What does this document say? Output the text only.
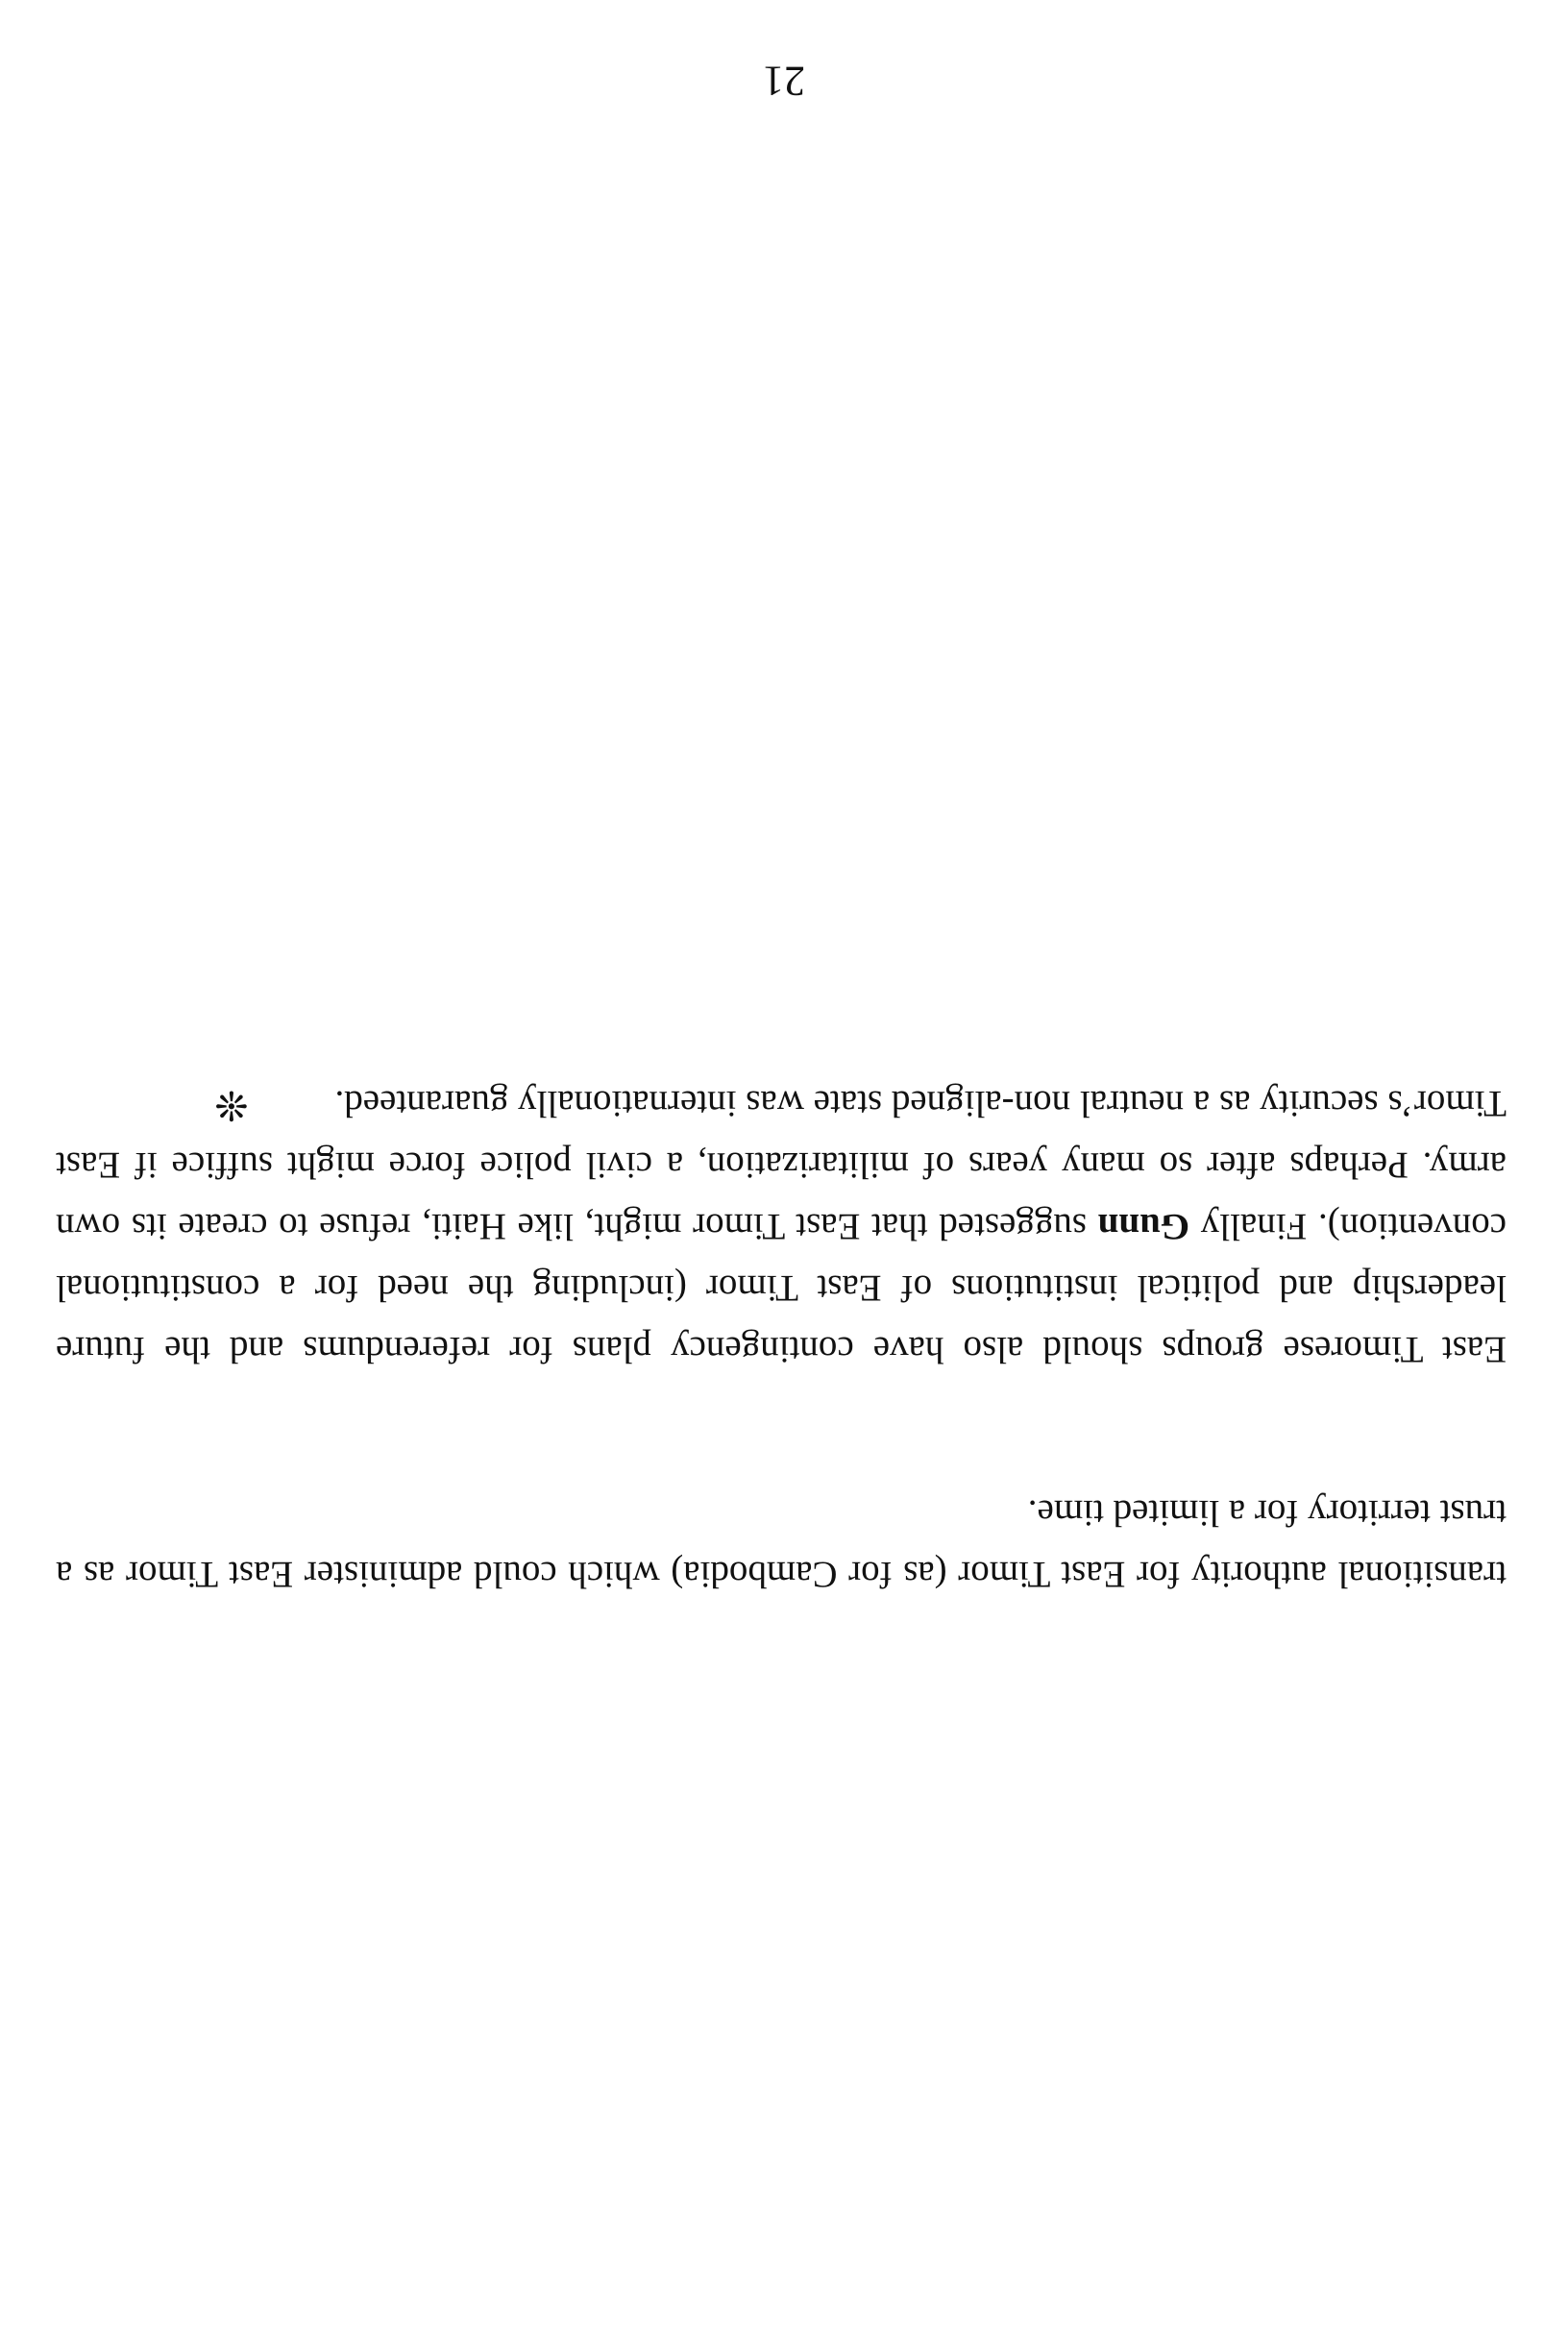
transitional authority for East Timor (as for Cambodia) which could administer East Timor as a trust territory for a limited time.
East Timorese groups should also have contingency plans for referendums and the future leadership and political institutions of East Timor (including the need for a constitutional convention). Finally Gunn suggested that East Timor might, like Haiti, refuse to create its own army. Perhaps after so many years of militarization, a civil police force might suffice if East Timor’s security as a neutral non-aligned state was internationally guaranteed.❊
21
